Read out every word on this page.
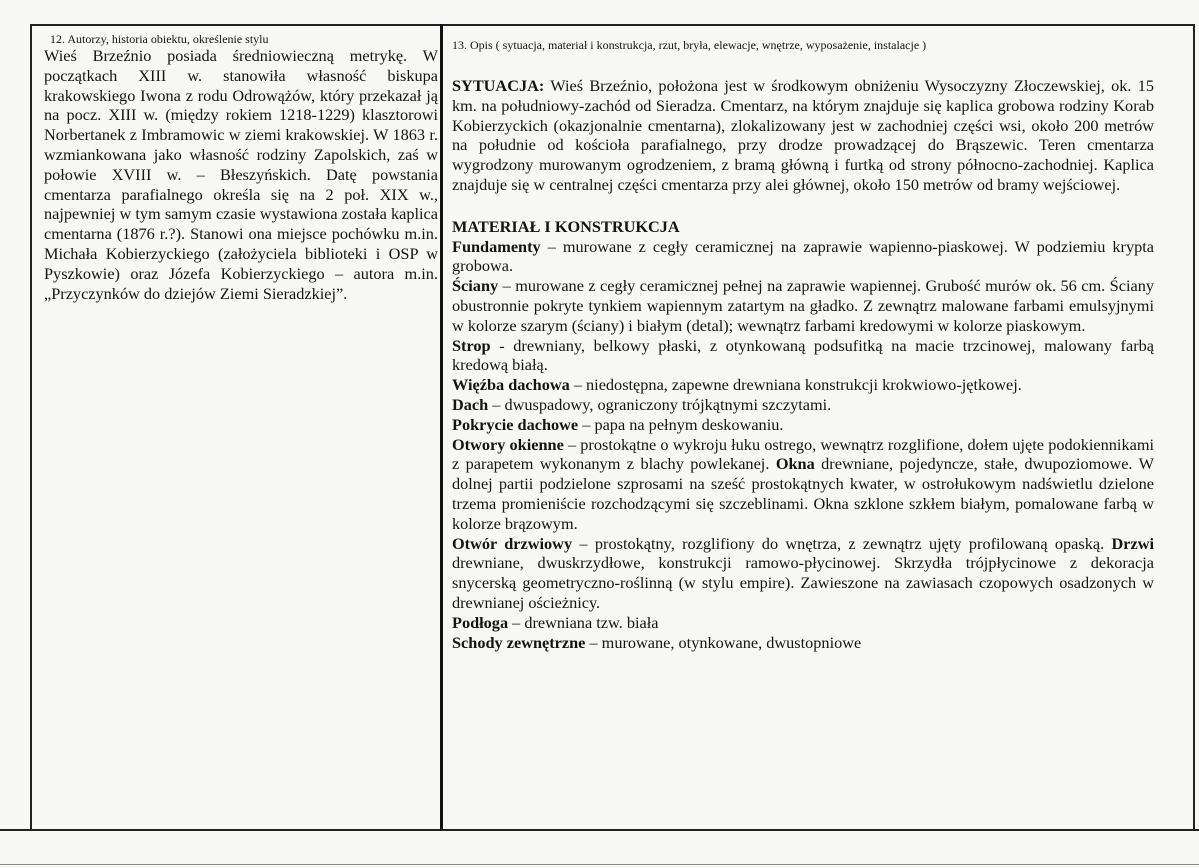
12. Autorzy, historia obiektu, określenie stylu

Wieś Brzeźnio posiada średniowieczną metrykę. W początkach XIII w. stanowiła własność biskupa krakowskiego Iwona z rodu Odrowążów, który przekazał ją na pocz. XIII w. (między rokiem 1218-1229) klasztorowi Norbertanek z Imbramowic w ziemi krakowskiej. W 1863 r. wzmiankowana jako własność rodziny Zapolskich, zaś w połowie XVIII w. – Błeszyńskich. Datę powstania cmentarza parafialnego określa się na 2 poł. XIX w., najpewniej w tym samym czasie wystawiona została kaplica cmentarna (1876 r.?). Stanowi ona miejsce pochówku m.in. Michała Kobierzyckiego (założyciela biblioteki i OSP w Pyszkowie) oraz Józefa Kobierzyckiego – autora m.in. „Przyczynków do dziejów Ziemi Sieradzkiej”.

13. Opis ( sytuacja, materiał i konstrukcja, rzut, bryła, elewacje, wnętrze, wyposażenie, instalacje )

SYTUACJA: Wieś Brzeźnio, położona jest w środkowym obniżeniu Wysoczyzny Złoczewskiej, ok. 15 km. na południowy-zachód od Sieradza. Cmentarz, na którym znajduje się kaplica grobowa rodziny Korab Kobierzyckich (okazjonalnie cmentarna), zlokalizowany jest w zachodniej części wsi, około 200 metrów na południe od kościoła parafialnego, przy drodze prowadzącej do Brąszewic. Teren cmentarza wygrodzony murowanym ogrodzeniem, z bramą główną i furtką od strony północno-zachodniej. Kaplica znajduje się w centralnej części cmentarza przy alei głównej, około 150 metrów od bramy wejściowej.

MATERIAŁ I KONSTRUKCJA

Fundamenty – murowane z cegły ceramicznej na zaprawie wapienno-piaskowej. W podziemiu krypta grobowa.

Ściany – murowane z cegły ceramicznej pełnej na zaprawie wapiennej. Grubość murów ok. 56 cm. Ściany obustronnie pokryte tynkiem wapiennym zatartym na gładko. Z zewnątrz malowane farbami emulsyjnymi w kolorze szarym (ściany) i białym (detal); wewnątrz farbami kredowymi w kolorze piaskowym.

Strop - drewniany, belkowy płaski, z otynkowaną podsufitką na macie trzcinowej, malowany farbą kredową białą.

Więźba dachowa – niedostępna, zapewne drewniana konstrukcji krokwiowo-jętkowej.

Dach – dwuspadowy, ograniczony trójkątnymi szczytami.

Pokrycie dachowe – papa na pełnym deskowaniu.

Otwory okienne – prostokątne o wykroju łuku ostrego, wewnątrz rozglifione, dołem ujęte podokiennikami z parapetem wykonanym z blachy powlekanej. Okna drewniane, pojedyncze, stałe, dwupoziomowe. W dolnej partii podzielone szprosami na sześć prostokątnych kwater, w ostrołukowym nadświetlu dzielone trzema promieniście rozchodzącymi się szczeblinami. Okna szklone szkłem białym, pomalowane farbą w kolorze brązowym.

Otwór drzwiowy – prostokątny, rozglifiony do wnętrza, z zewnątrz ujęty profilowaną opaską. Drzwi drewniane, dwuskrzydłowe, konstrukcji ramowo-płycinowej. Skrzydła trójpłycinowe z dekoracja snycerską geometryczno-roślinną (w stylu empire). Zawieszone na zawiasach czopowych osadzonych w drewnianej ościeżnicy.

Podłoga – drewniana tzw. biała

Schody zewnętrzne – murowane, otynkowane, dwustopniowe
